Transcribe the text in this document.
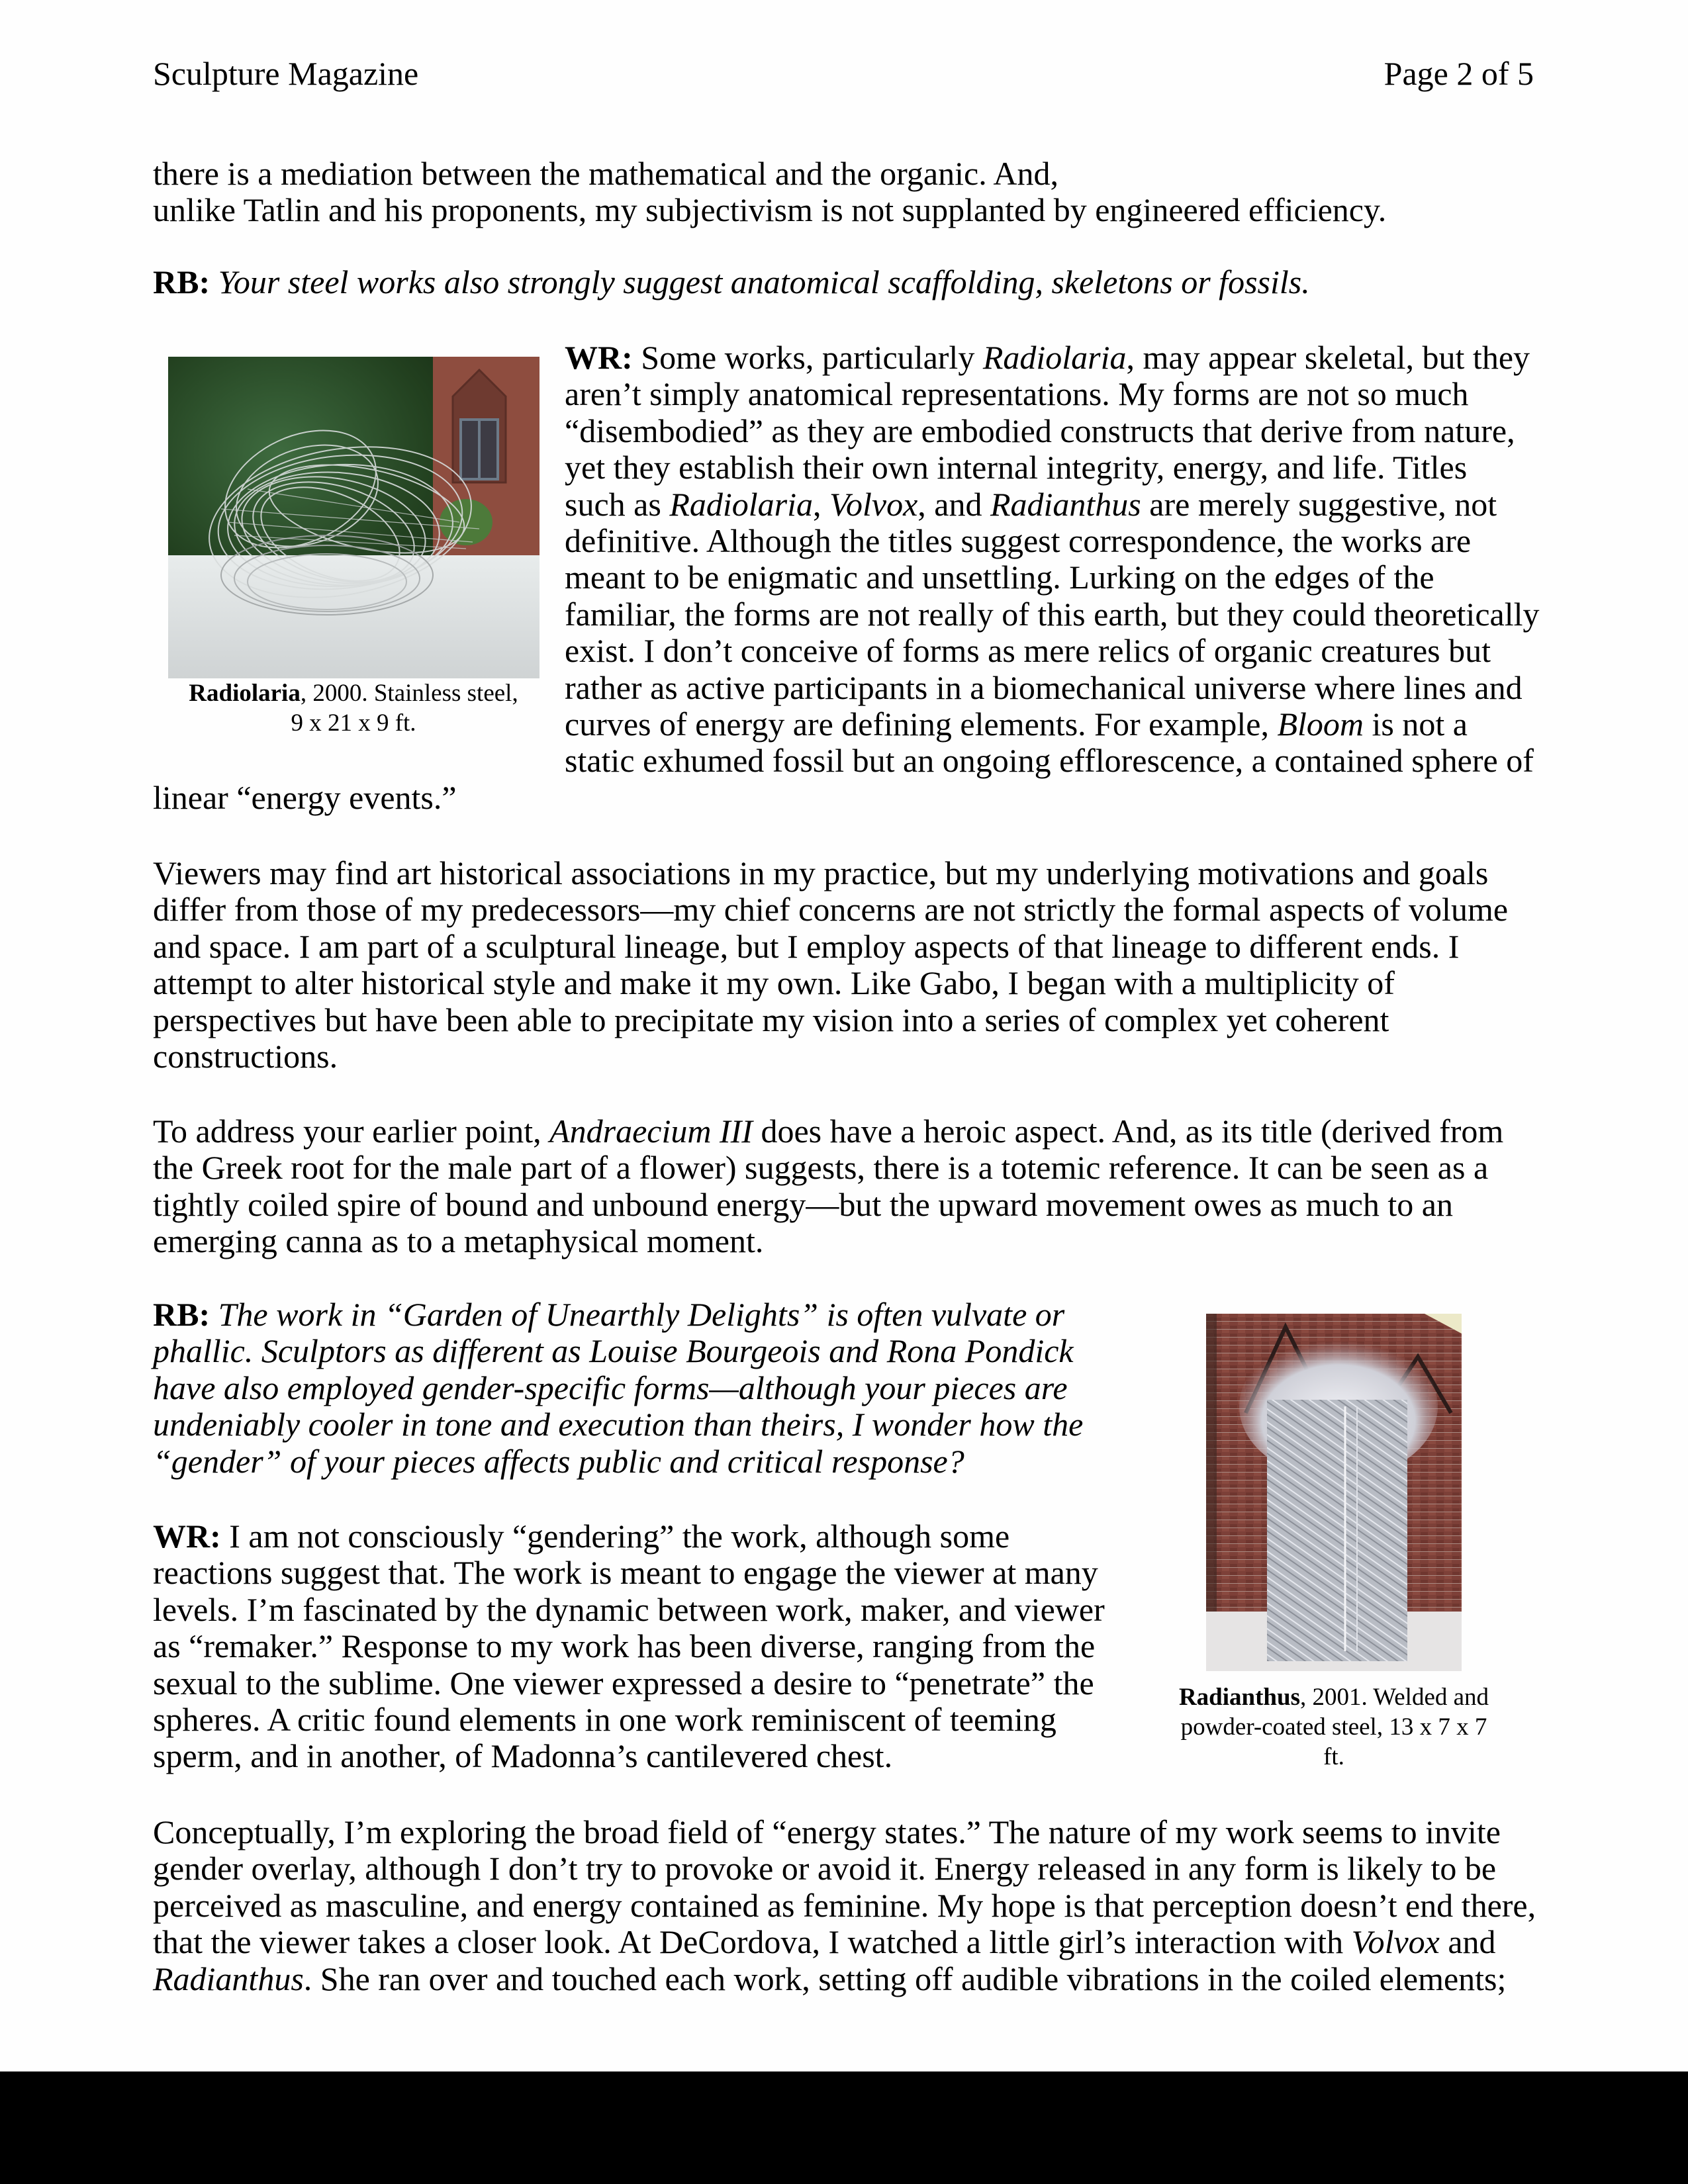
Sculpture Magazine	Page 2 of 5
there is a mediation between the mathematical and the organic. And,
unlike Tatlin and his proponents, my subjectivism is not supplanted by engineered efficiency.
RB: Your steel works also strongly suggest anatomical scaffolding, skeletons or fossils.
Radiolaria, 2000. Stainless steel,
9 x 21 x 9 ft.
WR: Some works, particularly Radiolaria, may appear skeletal, but they
aren’t simply anatomical representations. My forms are not so much
“disembodied” as they are embodied constructs that derive from nature,
yet they establish their own internal integrity, energy, and life. Titles
such as Radiolaria, Volvox, and Radianthus are merely suggestive, not
definitive. Although the titles suggest correspondence, the works are
meant to be enigmatic and unsettling. Lurking on the edges of the
familiar, the forms are not really of this earth, but they could theoretically
exist. I don’t conceive of forms as mere relics of organic creatures but
rather as active participants in a biomechanical universe where lines and
curves of energy are defining elements. For example, Bloom is not a
static exhumed fossil but an ongoing efflorescence, a contained sphere of
linear “energy events.”
Viewers may find art historical associations in my practice, but my underlying motivations and goals
differ from those of my predecessors—my chief concerns are not strictly the formal aspects of volume
and space. I am part of a sculptural lineage, but I employ aspects of that lineage to different ends. I
attempt to alter historical style and make it my own. Like Gabo, I began with a multiplicity of
perspectives but have been able to precipitate my vision into a series of complex yet coherent
constructions.
To address your earlier point, Andraecium III does have a heroic aspect. And, as its title (derived from
the Greek root for the male part of a flower) suggests, there is a totemic reference. It can be seen as a
tightly coiled spire of bound and unbound energy—but the upward movement owes as much to an
emerging canna as to a metaphysical moment.
RB: The work in “Garden of Unearthly Delights” is often vulvate or
phallic. Sculptors as different as Louise Bourgeois and Rona Pondick
have also employed gender-specific forms—although your pieces are
undeniably cooler in tone and execution than theirs, I wonder how the
“gender” of your pieces affects public and critical response?
WR: I am not consciously “gendering” the work, although some
reactions suggest that. The work is meant to engage the viewer at many
levels. I’m fascinated by the dynamic between work, maker, and viewer
as “remaker.” Response to my work has been diverse, ranging from the
sexual to the sublime. One viewer expressed a desire to “penetrate” the
spheres. A critic found elements in one work reminiscent of teeming
sperm, and in another, of Madonna’s cantilevered chest.
Radianthus, 2001. Welded and
powder-coated steel, 13 x 7 x 7
ft.
Conceptually, I’m exploring the broad field of “energy states.” The nature of my work seems to invite
gender overlay, although I don’t try to provoke or avoid it. Energy released in any form is likely to be
perceived as masculine, and energy contained as feminine. My hope is that perception doesn’t end there,
that the viewer takes a closer look. At DeCordova, I watched a little girl’s interaction with Volvox and
Radianthus. She ran over and touched each work, setting off audible vibrations in the coiled elements;
